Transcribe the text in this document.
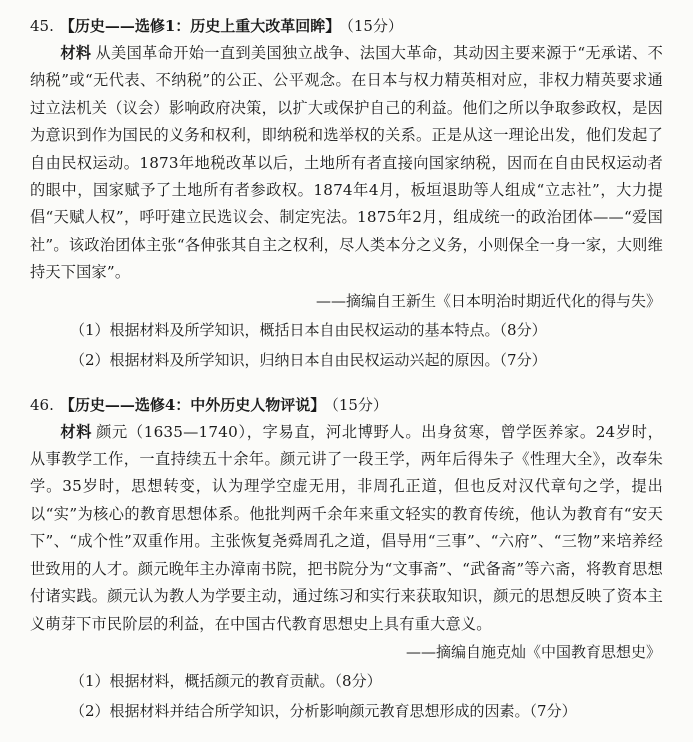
45. 【历史——选修1：历史上重大改革回眸】 （15分）

材料 从美国革命开始一直到美国独立战争、法国大革命，其动因主要来源于“无承诺、不纳税”或“无代表、不纳税”的公正、公平观念。在日本与权力精英相对应，非权力精英要求通过立法机关（议会）影响政府决策，以扩大或保护自己的利益。他们之所以争取参政权，是因为意识到作为国民的义务和权利，即纳税和选举权的关系。正是从这一理论出发，他们发起了自由民权运动。1873年地税改革以后，土地所有者直接向国家纳税，因而在自由民权运动者的眼中，国家赋予了土地所有者参政权。1874年4月，板垣退助等人组成“立志社”，大力提倡“天赋人权”，呼吁建立民选议会、制定宪法。1875年2月，组成统一的政治团体——“爱国社”。该政治团体主张“各伸张其自主之权利，尽人类本分之义务，小则保全一身一家，大则维持天下国家”。

——摘编自王新生《日本明治时期近代化的得与失》

（1）根据材料及所学知识，概括日本自由民权运动的基本特点。（8分）

（2）根据材料及所学知识，归纳日本自由民权运动兴起的原因。（7分）

46. 【历史——选修4：中外历史人物评说】 （15分）

材料 颜元（1635—1740），字易直，河北博野人。出身贫寒，曾学医养家。24岁时，从事教学工作，一直持续五十余年。颜元讲了一段王学，两年后得朱子《性理大全》，改奉朱学。35岁时，思想转变，认为理学空虚无用，非周孔正道，但也反对汉代章句之学，提出以“实”为核心的教育思想体系。他批判两千余年来重文轻实的教育传统，他认为教育有“安天下”、“成个性”双重作用。主张恢复尧舜周孔之道，倡导用“三事”、“六府”、“三物”来培养经世致用的人才。颜元晚年主办漳南书院，把书院分为“文事斋”、“武备斋”等六斋，将教育思想付诸实践。颜元认为教人为学要主动，通过练习和实行来获取知识，颜元的思想反映了资本主义萌芽下市民阶层的利益，在中国古代教育思想史上具有重大意义。

——摘编自施克灿《中国教育思想史》

（1）根据材料，概括颜元的教育贡献。（8分）

（2）根据材料并结合所学知识，分析影响颜元教育思想形成的因素。（7分）
